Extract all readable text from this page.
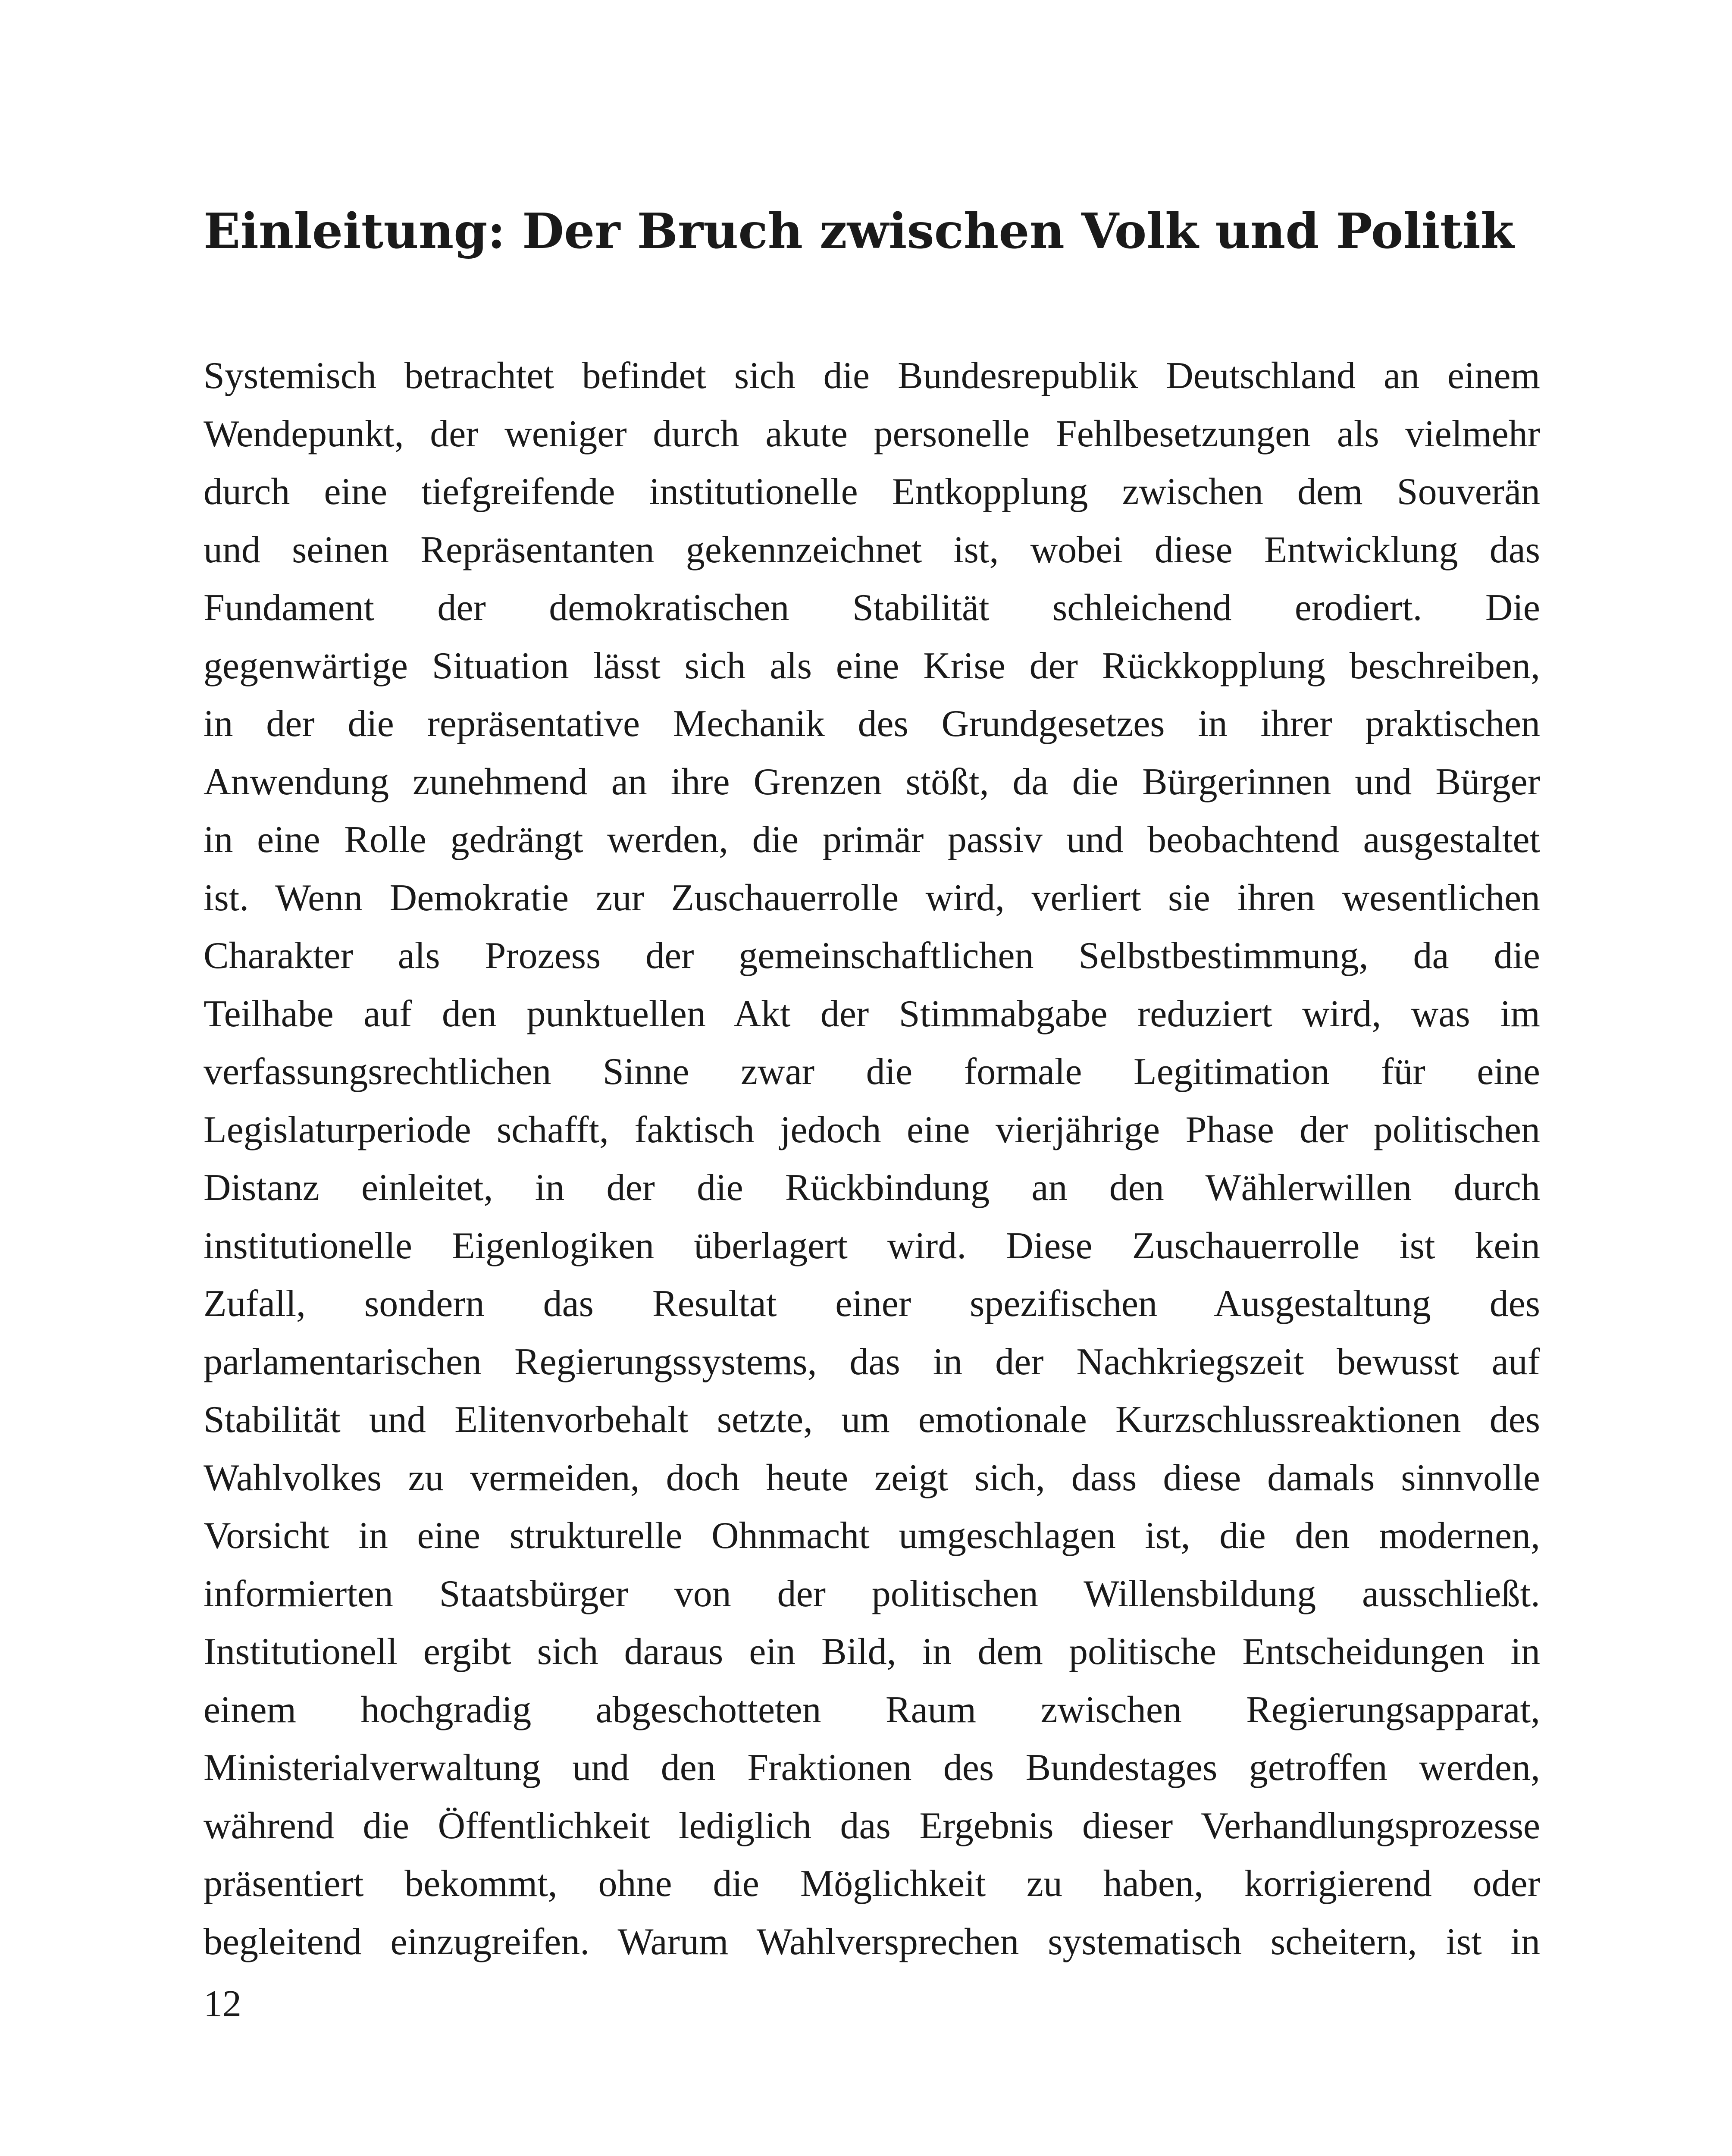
Einleitung: Der Bruch zwischen Volk und Politik
Systemisch betrachtet befindet sich die Bundesrepublik Deutschland an einem
Wendepunkt, der weniger durch akute personelle Fehlbesetzungen als vielmehr
durch eine tiefgreifende institutionelle Entkopplung zwischen dem Souverän
und seinen Repräsentanten gekennzeichnet ist, wobei diese Entwicklung das
Fundament der demokratischen Stabilität schleichend erodiert. Die
gegenwärtige Situation lässt sich als eine Krise der Rückkopplung beschreiben,
in der die repräsentative Mechanik des Grundgesetzes in ihrer praktischen
Anwendung zunehmend an ihre Grenzen stößt, da die Bürgerinnen und Bürger
in eine Rolle gedrängt werden, die primär passiv und beobachtend ausgestaltet
ist. Wenn Demokratie zur Zuschauerrolle wird, verliert sie ihren wesentlichen
Charakter als Prozess der gemeinschaftlichen Selbstbestimmung, da die
Teilhabe auf den punktuellen Akt der Stimmabgabe reduziert wird, was im
verfassungsrechtlichen Sinne zwar die formale Legitimation für eine
Legislaturperiode schafft, faktisch jedoch eine vierjährige Phase der politischen
Distanz einleitet, in der die Rückbindung an den Wählerwillen durch
institutionelle Eigenlogiken überlagert wird. Diese Zuschauerrolle ist kein
Zufall, sondern das Resultat einer spezifischen Ausgestaltung des
parlamentarischen Regierungssystems, das in der Nachkriegszeit bewusst auf
Stabilität und Elitenvorbehalt setzte, um emotionale Kurzschlussreaktionen des
Wahlvolkes zu vermeiden, doch heute zeigt sich, dass diese damals sinnvolle
Vorsicht in eine strukturelle Ohnmacht umgeschlagen ist, die den modernen,
informierten Staatsbürger von der politischen Willensbildung ausschließt.
Institutionell ergibt sich daraus ein Bild, in dem politische Entscheidungen in
einem hochgradig abgeschotteten Raum zwischen Regierungsapparat,
Ministerialverwaltung und den Fraktionen des Bundestages getroffen werden,
während die Öffentlichkeit lediglich das Ergebnis dieser Verhandlungsprozesse
präsentiert bekommt, ohne die Möglichkeit zu haben, korrigierend oder
begleitend einzugreifen. Warum Wahlversprechen systematisch scheitern, ist in
12
